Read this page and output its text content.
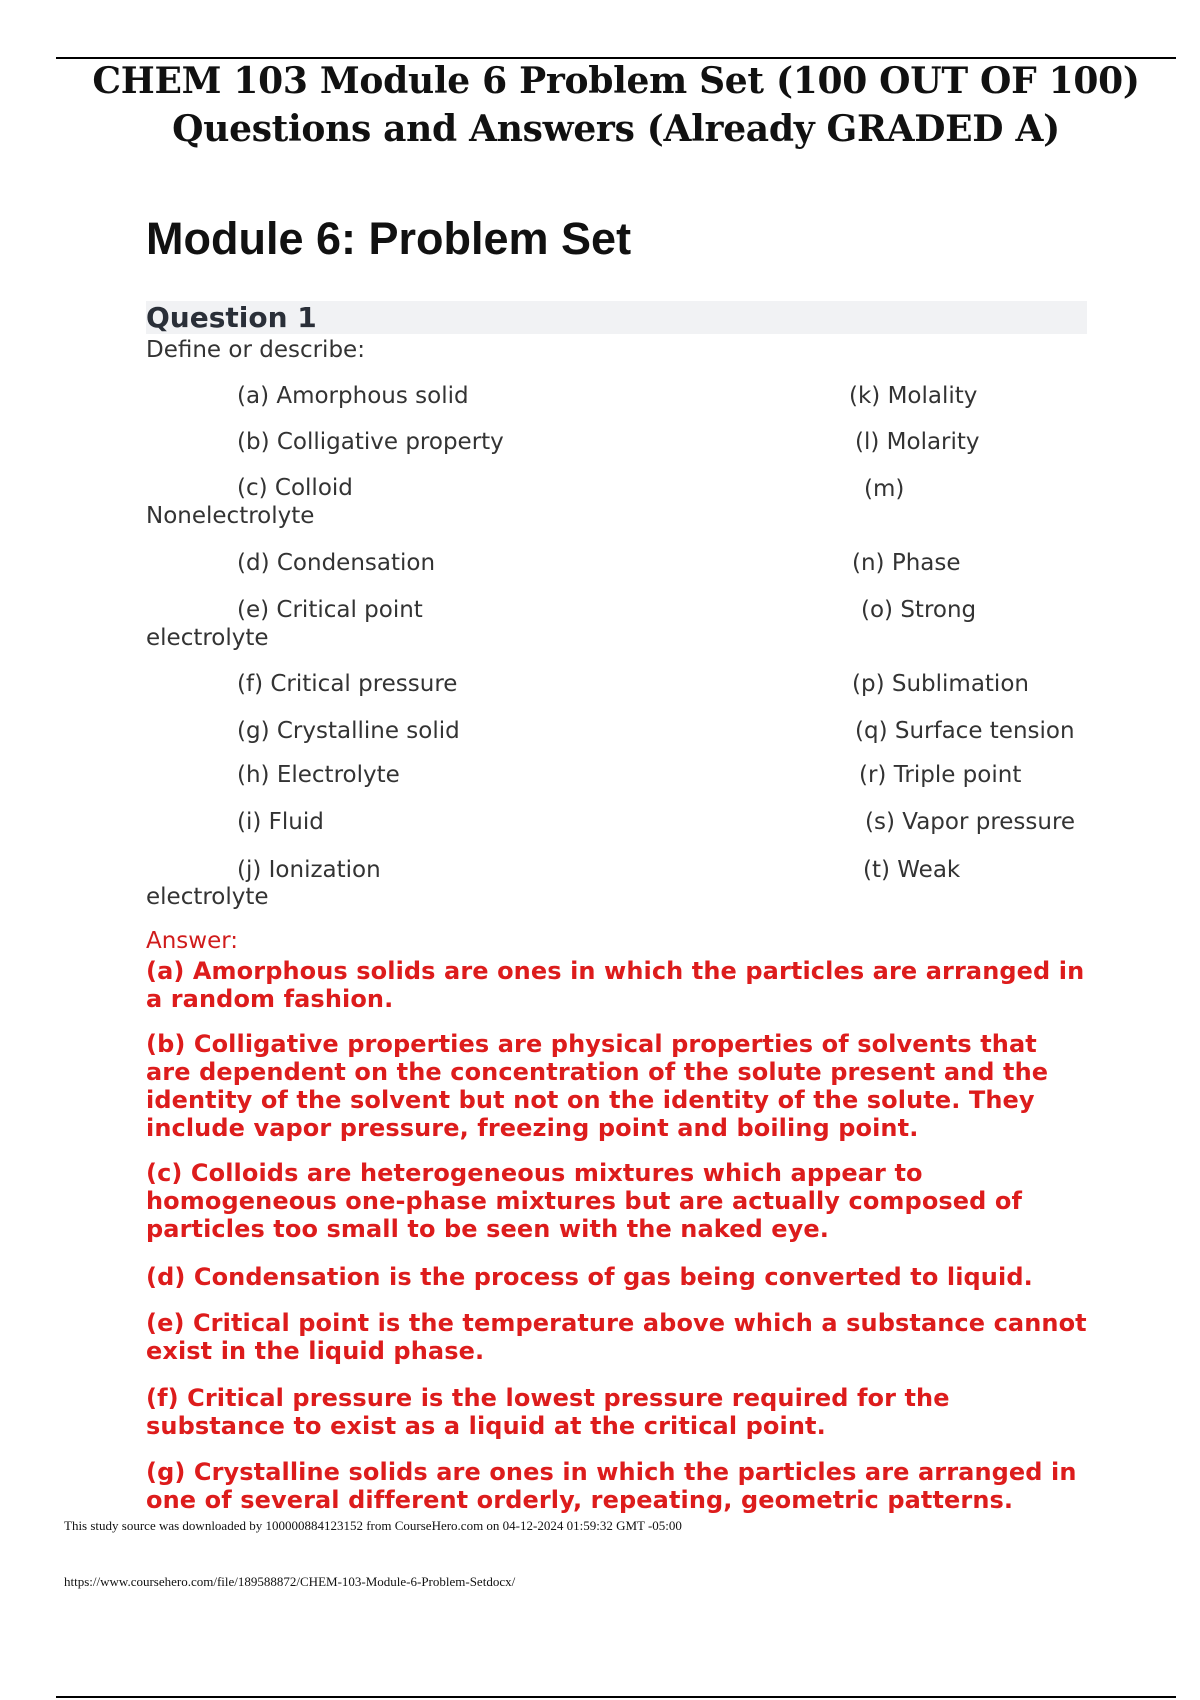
CHEM 103 Module 6 Problem Set (100 OUT OF 100)
Questions and Answers (Already GRADED A)
Module 6: Problem Set
Question 1
Define or describe:
(a) Amorphous solid
(b) Colligative property
(c) Colloid
Nonelectrolyte
(d) Condensation
(e) Critical point
electrolyte
(f) Critical pressure
(g) Crystalline solid
(h) Electrolyte
(i) Fluid
(j) Ionization
electrolyte
(k) Molality
(l) Molarity
(m)
(n) Phase
(o) Strong
(p) Sublimation
(q) Surface tension
(r) Triple point
(s) Vapor pressure
(t) Weak
Answer:
(a) Amorphous solids are ones in which the particles are arranged in
a random fashion.
(b) Colligative properties are physical properties of solvents that
are dependent on the concentration of the solute present and the
identity of the solvent but not on the identity of the solute. They
include vapor pressure, freezing point and boiling point.
(c) Colloids are heterogeneous mixtures which appear to
homogeneous one-phase mixtures but are actually composed of
particles too small to be seen with the naked eye.
(d) Condensation is the process of gas being converted to liquid.
(e) Critical point is the temperature above which a substance cannot
exist in the liquid phase.
(f) Critical pressure is the lowest pressure required for the
substance to exist as a liquid at the critical point.
(g) Crystalline solids are ones in which the particles are arranged in
one of several different orderly, repeating, geometric patterns.
This study source was downloaded by 100000884123152 from CourseHero.com on 04-12-2024 01:59:32 GMT -05:00
https://www.coursehero.com/file/189588872/CHEM-103-Module-6-Problem-Setdocx/
